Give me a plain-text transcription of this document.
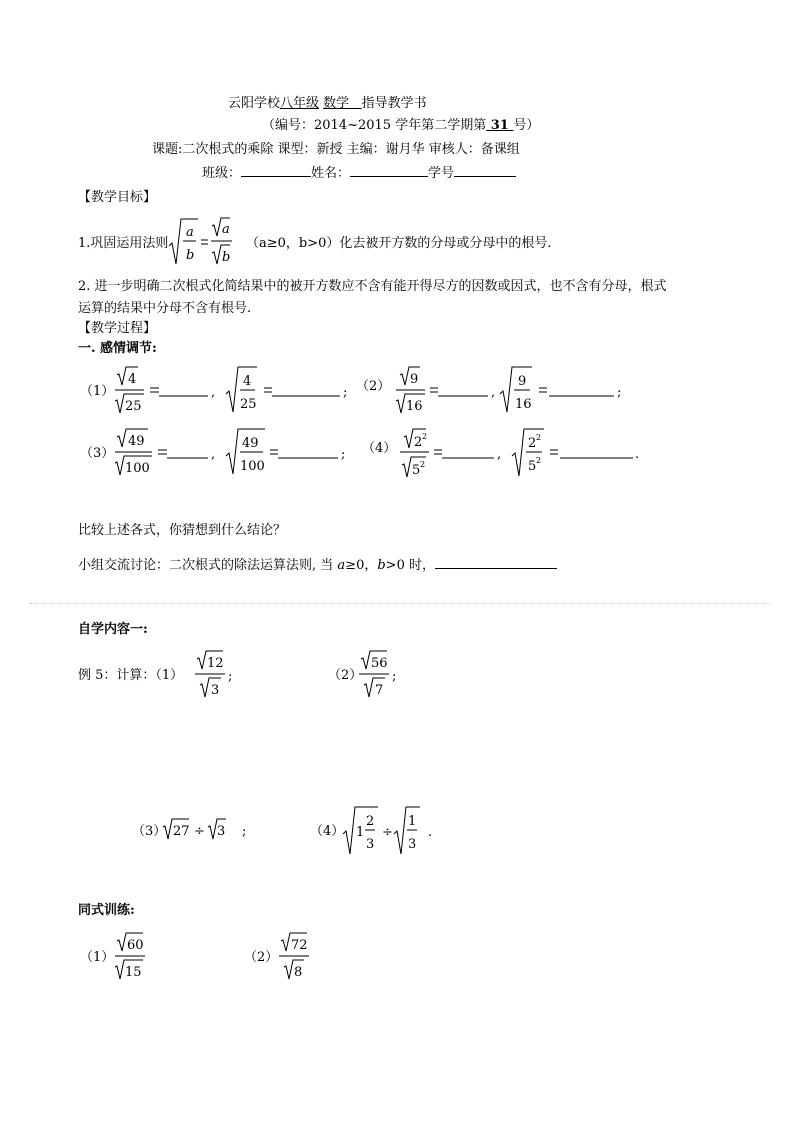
云阳学校八年级 数学 指导教学书
（编号：2014~2015 学年第二学期第 31 号）
课题:二次根式的乘除 课型：新授 主编：谢月华 审核人：备课组
班级：	姓名：	学号
【教学目标】
1.巩固运用法则
a
b
a
b
（a≥0，b>0）化去被开方数的分母或分母中的根号.
2. 进一步明确二次根式化简结果中的被开方数应不含有能开得尽方的因数或因式，也不含有分母，根式
运算的结果中分母不含有根号.
【教学过程】
一. 感情调节:
（1）
4
25
,
4
25
; （2） 9
16
,
9
16
;
（3）
49
100
,
49
100
; （4） 2 2
5 2
,
2 2
5 2	.
比较上述各式，你猜想到什么结论？
小组交流讨论：二次根式的除法运算法则, 当 a≥0，b>0 时，
自学内容一:
例 5：计算：（1）
12
3
;	（2）
56
7
;
（3） 27 ÷ 3 ;	（4） 1
2
3
÷
1
3
.
同式训练:
（1）
60
15
（2）
72
8
